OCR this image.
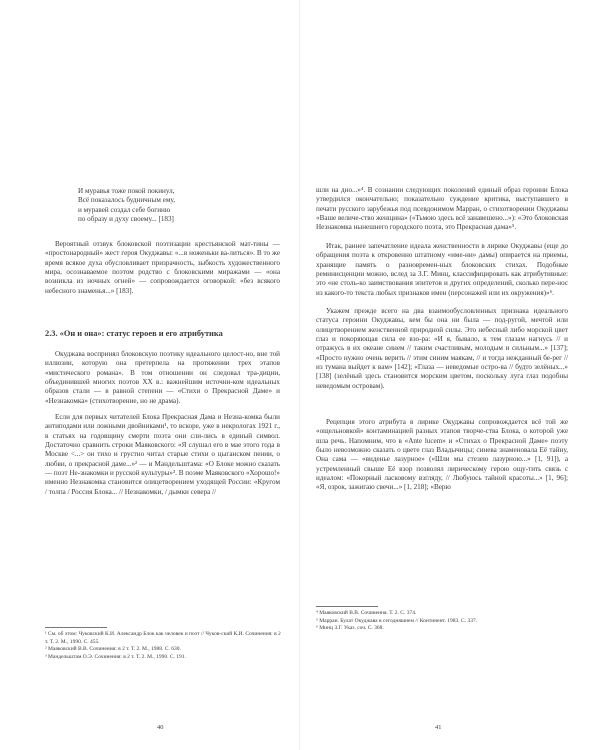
И муравья тоже покой покинул,
Всё показалось будничным ему,
и муравей создал себе богиню
по образу и духу своему... [183]

Вероятный отзвук блоковской поэтизации крестьянской мат-тины — «простонародный» жест героя Окуджавы: «...в ноженьки ва-литься». В то же время всякое духа обусловливает призрачность, зыбкость художественного мира, осознаваемое поэтом родство с блоковскими миражами — «она возникла из ночных огней» — сопровождается оговоркой: «без всякого небесного знаменья...» [183].

2.3. «Он и она»: статус героев и его атрибутика

Окуджава воспринял блоковскую поэтику идеального целост-но, вне той иллюзии, которую она претерпела на протяжении трех этапов «мистического романа». В том отношении он следовал тра-диции, объединившей многих поэтов ХХ в.: важнейшим источни-ком идеальных образов стали — в равной степени — «Стихи о Прекрасной Даме» и «Незнакомка» (стихотворение, но не драма).

Если для первых читателей Блока Прекрасная Дама и Незна-комка были антиподами или ложными двойниками¹, то вскоре, уже в некрологах 1921 г., в статьях на годовщину смерти поэта они сли-лись в единый символ. Достаточно сравнить строки Маяковского: «Я слушал его в мае этого года в Москве <...> он тихо и грустно читал старые стихи о цыганском пении, о любви, о прекрасной даме...»² — и Мандельштама: «О Блоке можно сказать — поэт Не-знакомки и русской культуры»³. В поэме Маяковского «Хорошо!» именно Незнакомка становится олицетворением уходящей России: «Кругом / толпа / Россия Блока... // Незнакомки, / дымки севера //

¹ См. об этом: Чуковский К.И. Александр Блок как человек и поэт // Чуков-ский К.И. Сочинения: в 2 т. Т. 2. М., 1990. С. 455.
² Маяковский В.В. Сочинения: в 2 т. Т. 2. М., 1988. С. 630.
³ Мандельштам О.Э. Сочинения: в 2 т. Т. 2. М., 1990. С. 191.
40

шли на дно...»⁴. В сознании следующих поколений единый образ героини Блока утвердился окончательно; показательно суждение критика, выступавшего в печати русского зарубежья под псевдонимом Марран, о стихотворении Окуджавы «Ваше величе-ство женщина» («Тьмою здесь всё занавешено...»): «Это блоковская Незнакомка нынешнего городского поэта, это Прекрасная дама»⁵.

Итак, раннее запечатление идеала женственности в лирике Окуджавы (еще до обращения поэта к откровенно штатному «име-ни» дамы) опирается на приемы, хранящие память о разновремен-ных блоковских стихах. Подобные реминисценции можно, вслед за З.Г. Минц, классифицировать как атрибутивные: это «не столь-ко заимствования эпитетов и других определений, сколько пере-нос из какого-то текста любых признаков имен (персонажей или их окружения)»⁶.

Укажем прежде всего на два взаимообусловленных признака идеального статуса героини Окуджавы, кем бы она ни была — под-ругой, мечтой или олицетворением женственной природной силы. Это небесный либо морской цвет глаз и покоряющая сила ее взо-ра: «И я, бывало, к тем глазам нагнусь // и отражусь в их океане синем // таким счастливым, молодым и сильным...» [137]; «Просто нужно очень верить // этим синим маякам, // и тогда нежданный бе-рег // из тумана выйдет к вам» [142]; «Глаза — неведомые остро-ва // будто зелёных...» [138] (зелёный здесь становится морским цветом, поскольку луга глаз подобны неведомым островам).

Рецепция этого атрибута в лирике Окуджавы сопровождается всё той же «ощельновкой» контаминацией разных этапов творче-ства Блока, о которой уже шла речь. Напомним, что в «Ante lucem» и «Стихах о Прекрасной Даме» поэту было невозможно сказать о цвете глаз Владычицы; синева знаменовала Её тайну, Она сама — «виденье лазурное» («Шли мы стезею лазурною...» [1, 91]), а устремленный свыше Её взор позволял лирическому герою ощу-тить связь с идеалом: «Покорный ласковому взгляду, // Любуюсь тайной красоты...» [1, 96]; «Я, озрок, зажигаю свечи...» [1, 218]; «Верю

⁴ Маяковский В.В. Сочинения. Т. 2. С. 374.
⁵ Марран. Булат Окуджава в сегодняшнем // Континент. 1983. С. 337.
⁶ Минц З.Г. Указ. соч. С. 368.
41
